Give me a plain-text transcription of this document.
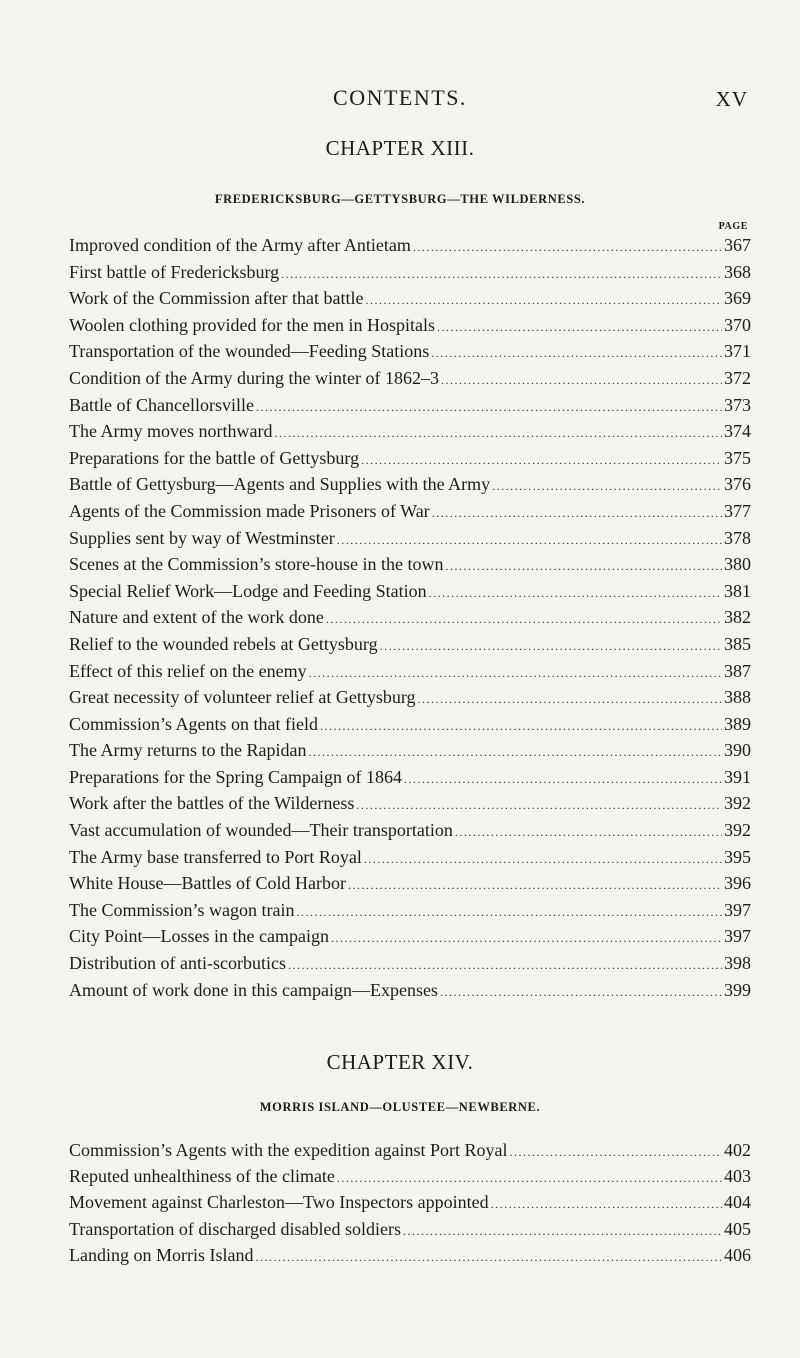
CONTENTS.	XV
CHAPTER XIII.
FREDERICKSBURG—GETTYSBURG—THE WILDERNESS.
PAGE
Improved condition of the Army after Antietam .....	367
First battle of Fredericksburg .....	368
Work of the Commission after that battle .....	369
Woolen clothing provided for the men in Hospitals .....	370
Transportation of the wounded—Feeding Stations .....	371
Condition of the Army during the winter of 1862–3 .....	372
Battle of Chancellorsville .....	373
The Army moves northward .....	374
Preparations for the battle of Gettysburg .....	375
Battle of Gettysburg—Agents and Supplies with the Army .....	376
Agents of the Commission made Prisoners of War .....	377
Supplies sent by way of Westminster .....	378
Scenes at the Commission’s store-house in the town .....	380
Special Relief Work—Lodge and Feeding Station .....	381
Nature and extent of the work done .....	382
Relief to the wounded rebels at Gettysburg .....	385
Effect of this relief on the enemy .....	387
Great necessity of volunteer relief at Gettysburg .....	388
Commission’s Agents on that field .....	389
The Army returns to the Rapidan .....	390
Preparations for the Spring Campaign of 1864 .....	391
Work after the battles of the Wilderness .....	392
Vast accumulation of wounded—Their transportation .....	392
The Army base transferred to Port Royal .....	395
White House—Battles of Cold Harbor .....	396
The Commission’s wagon train .....	397
City Point—Losses in the campaign .....	397
Distribution of anti-scorbutics .....	398
Amount of work done in this campaign—Expenses .....	399
CHAPTER XIV.
MORRIS ISLAND—OLUSTEE—NEWBERNE.
Commission’s Agents with the expedition against Port Royal .....	402
Reputed unhealthiness of the climate .....	403
Movement against Charleston—Two Inspectors appointed .....	404
Transportation of discharged disabled soldiers .....	405
Landing on Morris Island .....	406
